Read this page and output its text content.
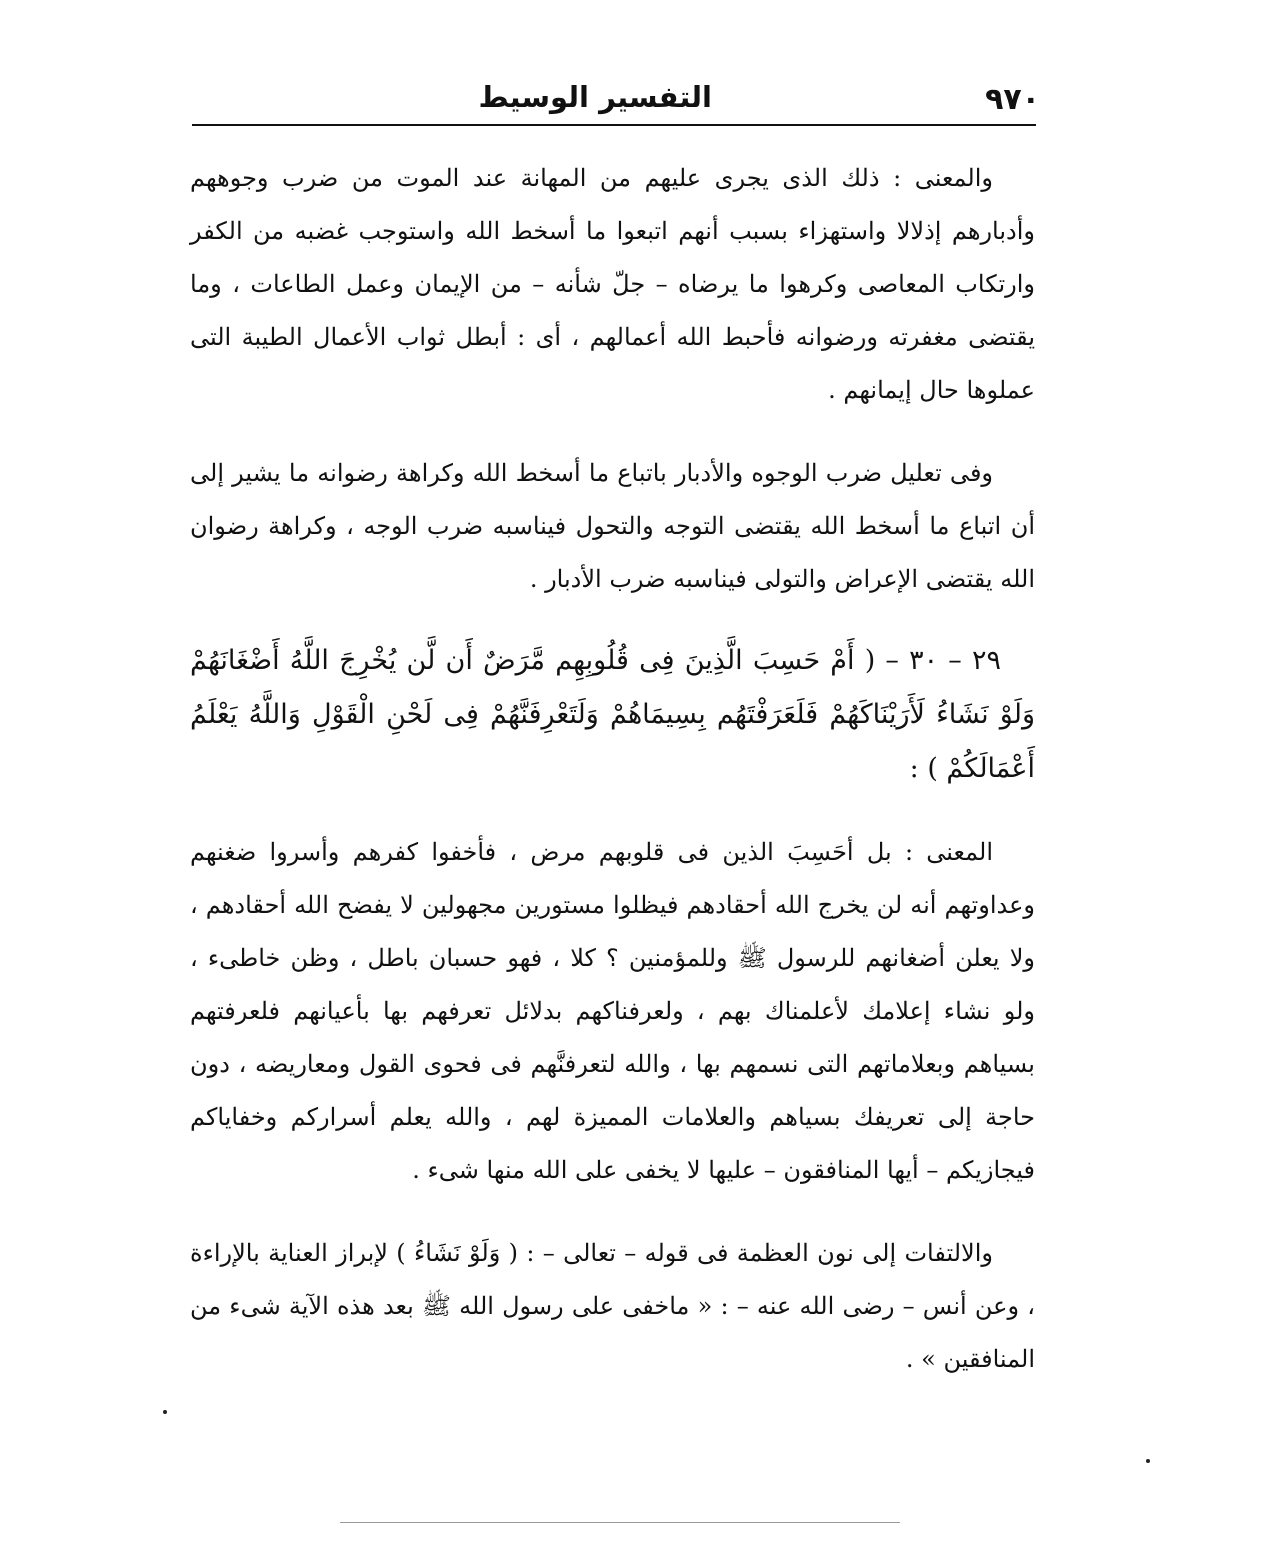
٩٧٠
التفسير الوسيط

والمعنى : ذلك الذى يجرى عليهم من المهانة عند الموت من ضرب وجوههم وأدبارهم إذلالا واستهزاء بسبب أنهم اتبعوا ما أسخط الله واستوجب غضبه من الكفر وارتكاب المعاصى وكرهوا ما يرضاه – جلّ شأنه – من الإيمان وعمل الطاعات ، وما يقتضى مغفرته ورضوانه فأحبط الله أعمالهم ، أى : أبطل ثواب الأعمال الطيبة التى عملوها حال إيمانهم .

وفى تعليل ضرب الوجوه والأدبار باتباع ما أسخط الله وكراهة رضوانه ما يشير إلى أن اتباع ما أسخط الله يقتضى التوجه والتحول فيناسبه ضرب الوجه ، وكراهة رضوان الله يقتضى الإعراض والتولى فيناسبه ضرب الأدبار .

٢٩ – ٣٠ – ( أَمْ حَسِبَ الَّذِينَ فِى قُلُوبِهِم مَّرَضٌ أَن لَّن يُخْرِجَ اللَّهُ أَضْغَانَهُمْ وَلَوْ نَشَاءُ لَأَرَيْنَاكَهُمْ فَلَعَرَفْتَهُم بِسِيمَاهُمْ وَلَتَعْرِفَنَّهُمْ فِى لَحْنِ الْقَوْلِ وَاللَّهُ يَعْلَمُ أَعْمَالَكُمْ ) :

المعنى : بل أحَسِبَ الذين فى قلوبهم مرض ، فأخفوا كفرهم وأسروا ضغنهم وعداوتهم أنه لن يخرج الله أحقادهم فيظلوا مستورين مجهولين لا يفضح الله أحقادهم ، ولا يعلن أضغانهم للرسول ﷺ وللمؤمنين ؟ كلا ، فهو حسبان باطل ، وظن خاطىء ، ولو نشاء إعلامك لأعلمناك بهم ، ولعرفناكهم بدلائل تعرفهم بها بأعيانهم فلعرفتهم بسياهم وبعلاماتهم التى نسمهم بها ، والله لتعرفنَّهم فى فحوى القول ومعاريضه ، دون حاجة إلى تعريفك بسياهم والعلامات المميزة لهم ، والله يعلم أسراركم وخفاياكم فيجازيكم – أيها المنافقون – عليها لا يخفى على الله منها شىء .

والالتفات إلى نون العظمة فى قوله – تعالى – : ( وَلَوْ نَشَاءُ ) لإبراز العناية بالإراءة ، وعن أنس – رضى الله عنه – : « ماخفى على رسول الله ﷺ بعد هذه الآية شىء من المنافقين » .
